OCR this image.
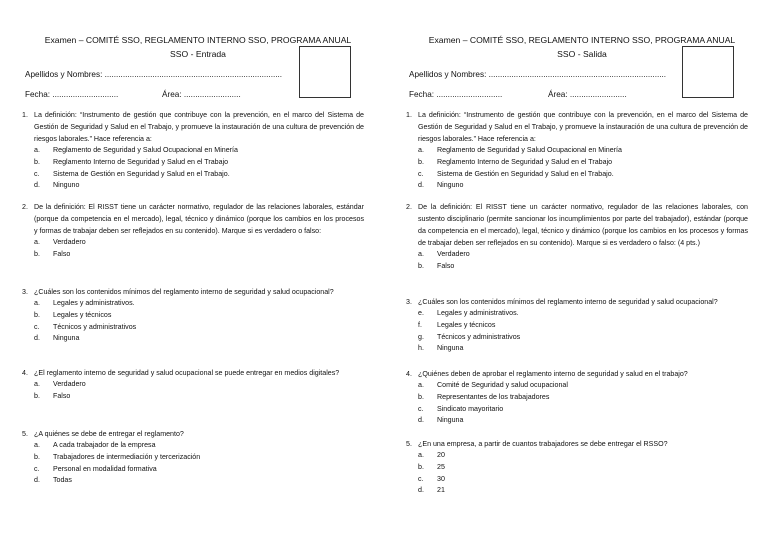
Examen – COMITÉ SSO, REGLAMENTO INTERNO SSO, PROGRAMA ANUAL
SSO - Entrada
Apellidos y Nombres: ..............................................................................
Fecha: .............................	Área: .........................
1. La definición: “Instrumento de gestión que contribuye con la prevención, en el marco del Sistema de Gestión de Seguridad y Salud en el Trabajo, y promueve la instauración de una cultura de prevención de riesgos laborales.” Hace referencia a:
a.	Reglamento de Seguridad y Salud Ocupacional en Minería
b.	Reglamento Interno de Seguridad y Salud en el Trabajo
c.	Sistema de Gestión en Seguridad y Salud en el Trabajo.
d.	Ninguno
2. De la definición: El RISST tiene un carácter normativo, regulador de las relaciones laborales, estándar (porque da competencia en el mercado), legal, técnico y dinámico (porque los cambios en los procesos y formas de trabajar deben ser reflejados en su contenido). Marque si es verdadero o falso:
a.	Verdadero
b.	Falso
3. ¿Cuáles son los contenidos mínimos del reglamento interno de seguridad y salud ocupacional?
a.	Legales y administrativos.
b.	Legales y técnicos
c.	Técnicos y administrativos
d.	Ninguna
4. ¿El reglamento interno de seguridad y salud ocupacional se puede entregar en medios digitales?
a.	Verdadero
b.	Falso
5. ¿A quiénes se debe de entregar el reglamento?
a.	A cada trabajador de la empresa
b.	Trabajadores de intermediación y tercerización
c.	Personal en modalidad formativa
d.	Todas
Examen – COMITÉ SSO, REGLAMENTO INTERNO SSO, PROGRAMA ANUAL
SSO - Salida
Apellidos y Nombres: ..............................................................................
Fecha: .............................	Área: .........................
1. La definición: “Instrumento de gestión que contribuye con la prevención, en el marco del Sistema de Gestión de Seguridad y Salud en el Trabajo, y promueve la instauración de una cultura de prevención de riesgos laborales.” Hace referencia a:
a.	Reglamento de Seguridad y Salud Ocupacional en Minería
b.	Reglamento Interno de Seguridad y Salud en el Trabajo
c.	Sistema de Gestión en Seguridad y Salud en el Trabajo.
d.	Ninguno
2. De la definición: El RISST tiene un carácter normativo, regulador de las relaciones laborales, con sustento disciplinario (permite sancionar los incumplimientos por parte del trabajador), estándar (porque da competencia en el mercado), legal, técnico y dinámico (porque los cambios en los procesos y formas de trabajar deben ser reflejados en su contenido). Marque si es verdadero o falso: (4 pts.)
a.	Verdadero
b.	Falso
3. ¿Cuáles son los contenidos mínimos del reglamento interno de seguridad y salud ocupacional?
e.	Legales y administrativos.
f.	Legales y técnicos
g.	Técnicos y administrativos
h.	Ninguna
4. ¿Quiénes deben de aprobar el reglamento interno de seguridad y salud en el trabajo?
a.	Comité de Seguridad y salud ocupacional
b.	Representantes de los trabajadores
c.	Sindicato mayoritario
d.	Ninguna
5. ¿En una empresa, a partir de cuantos trabajadores se debe entregar el RSSO?
a.	20
b.	25
c.	30
d.	21
